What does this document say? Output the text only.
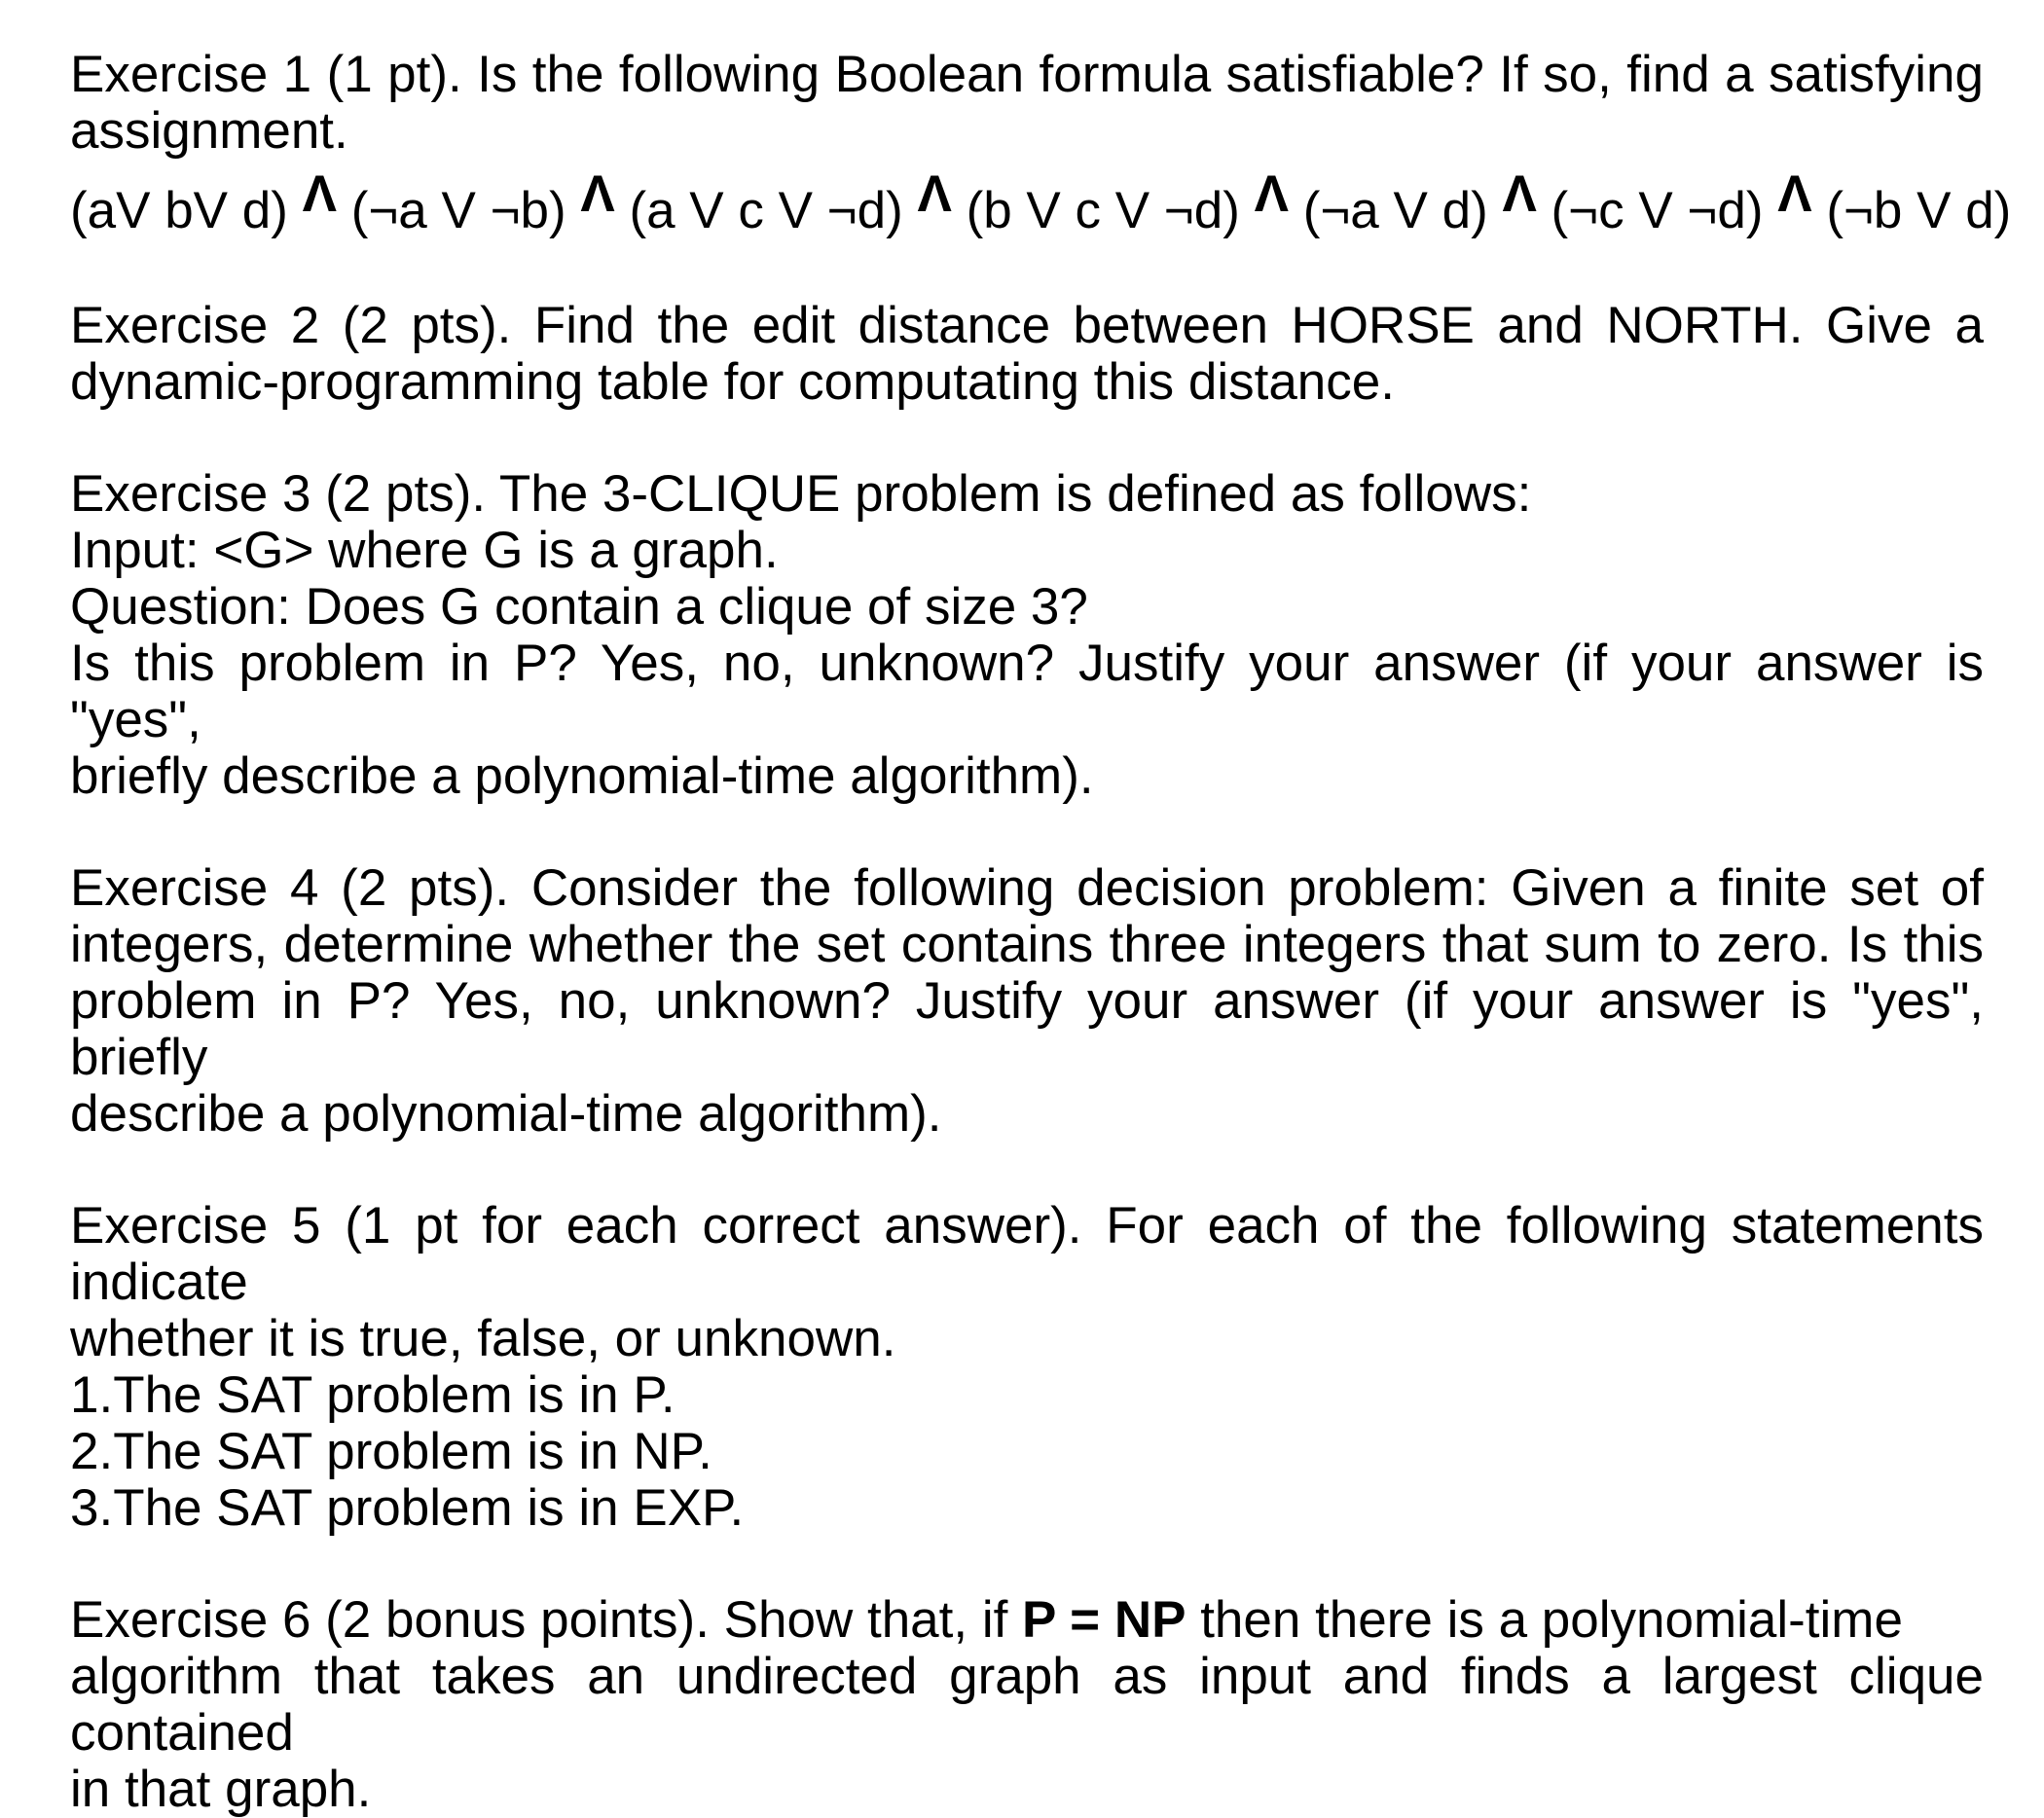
Exercise 1 (1 pt). Is the following Boolean formula satisfiable? If so, find a satisfying
assignment.

(aV bV d) Λ (¬a V ¬b) Λ (a V c V ¬d) Λ (b V c V ¬d) Λ (¬a V d) Λ (¬c V ¬d) Λ (¬b V d)

Exercise 2 (2 pts). Find the edit distance between HORSE and NORTH. Give a
dynamic-programming table for computating this distance.

Exercise 3 (2 pts). The 3-CLIQUE problem is defined as follows:
Input: <G> where G is a graph.
Question: Does G contain a clique of size 3?
Is this problem in P? Yes, no, unknown? Justify your answer (if your answer is "yes",
briefly describe a polynomial-time algorithm).

Exercise 4 (2 pts). Consider the following decision problem: Given a finite set of
integers, determine whether the set contains three integers that sum to zero. Is this
problem in P? Yes, no, unknown? Justify your answer (if your answer is "yes", briefly
describe a polynomial-time algorithm).

Exercise 5 (1 pt for each correct answer). For each of the following statements indicate
whether it is true, false, or unknown.
1.The SAT problem is in P.
2.The SAT problem is in NP.
3.The SAT problem is in EXP.

Exercise 6 (2 bonus points). Show that, if P = NP then there is a polynomial-time
algorithm that takes an undirected graph as input and finds a largest clique contained
in that graph.
